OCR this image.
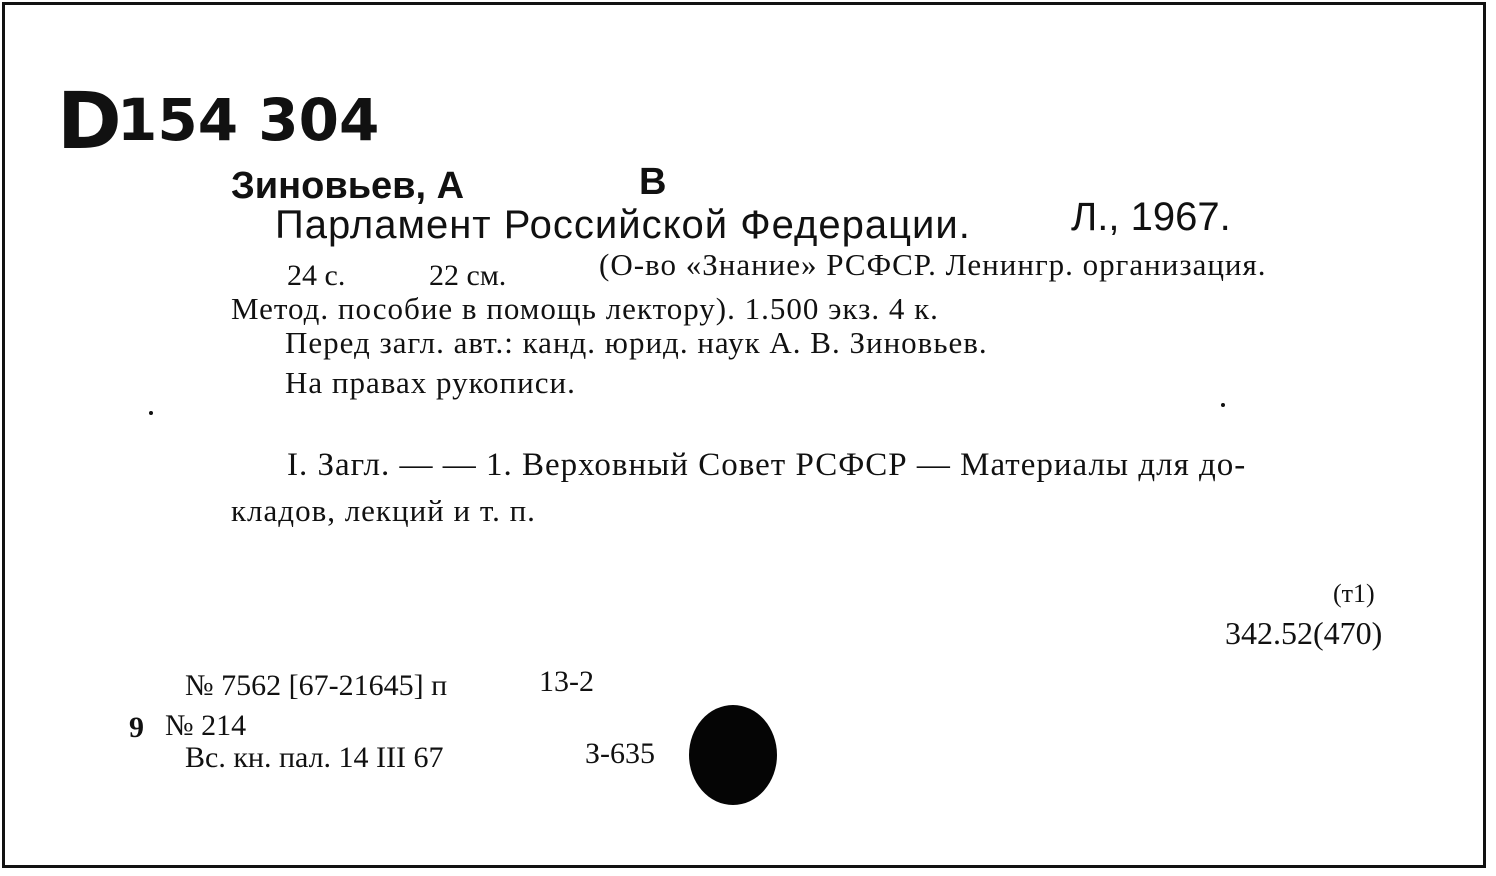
D
154 304
Зиновьев, А	В
Парламент Российской Федерации.	Л., 1967.
24 с.	22 см.	(О-во «Знание» РСФСР. Ленингр. организация.
Метод. пособие в помощь лектору). 1.500 экз. 4 к.
Перед загл. авт.: канд. юрид. наук А. В. Зиновьев.
На правах рукописи.
I. Загл. — — 1. Верховный Совет РСФСР — Материалы для до-
кладов, лекций и т. п.
(т1)
342.52(470)
№ 7562 [67-21645] п	13-2
9 № 214
Вс. кн. пал. 14 III 67	З-635
